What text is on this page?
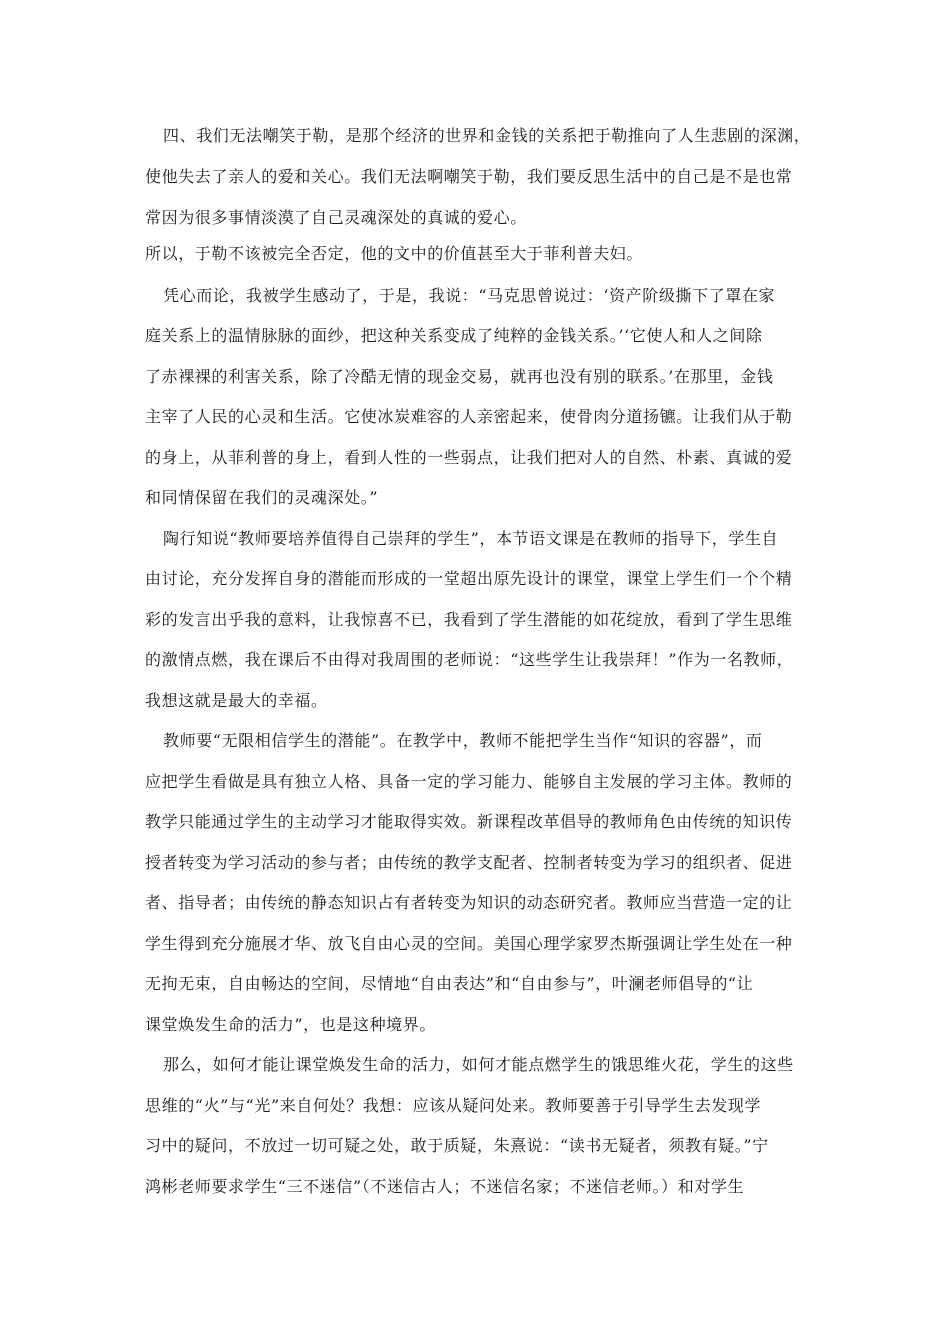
四、我们无法嘲笑于勒，是那个经济的世界和金钱的关系把于勒推向了人生悲剧的深渊，
使他失去了亲人的爱和关心。我们无法啊嘲笑于勒，我们要反思生活中的自己是不是也常
常因为很多事情淡漠了自己灵魂深处的真诚的爱心。
所以，于勒不该被完全否定，他的文中的价值甚至大于菲利普夫妇。
凭心而论，我被学生感动了，于是，我说：“马克思曾说过：‘资产阶级撕下了罩在家
庭关系上的温情脉脉的面纱，把这种关系变成了纯粹的金钱关系。’‘它使人和人之间除
了赤裸裸的利害关系，除了冷酷无情的现金交易，就再也没有别的联系。’在那里，金钱
主宰了人民的心灵和生活。它使冰炭难容的人亲密起来，使骨肉分道扬镳。让我们从于勒
的身上，从菲利普的身上，看到人性的一些弱点，让我们把对人的自然、朴素、真诚的爱
和同情保留在我们的灵魂深处。”
陶行知说“教师要培养值得自己崇拜的学生”，本节语文课是在教师的指导下，学生自
由讨论，充分发挥自身的潜能而形成的一堂超出原先设计的课堂，课堂上学生们一个个精
彩的发言出乎我的意料，让我惊喜不已，我看到了学生潜能的如花绽放，看到了学生思维
的激情点燃，我在课后不由得对我周围的老师说：“这些学生让我崇拜！”作为一名教师，
我想这就是最大的幸福。
教师要“无限相信学生的潜能”。在教学中，教师不能把学生当作“知识的容器”，而
应把学生看做是具有独立人格、具备一定的学习能力、能够自主发展的学习主体。教师的
教学只能通过学生的主动学习才能取得实效。新课程改革倡导的教师角色由传统的知识传
授者转变为学习活动的参与者；由传统的教学支配者、控制者转变为学习的组织者、促进
者、指导者；由传统的静态知识占有者转变为知识的动态研究者。教师应当营造一定的让
学生得到充分施展才华、放飞自由心灵的空间。美国心理学家罗杰斯强调让学生处在一种
无拘无束，自由畅达的空间，尽情地“自由表达”和“自由参与”，叶澜老师倡导的“让
课堂焕发生命的活力”，也是这种境界。
那么，如何才能让课堂焕发生命的活力，如何才能点燃学生的饿思维火花，学生的这些
思维的“火”与“光”来自何处？我想：应该从疑问处来。教师要善于引导学生去发现学
习中的疑问，不放过一切可疑之处，敢于质疑，朱熹说：“读书无疑者，须教有疑。”宁
鸿彬老师要求学生“三不迷信”（不迷信古人；不迷信名家；不迷信老师。）和对学生
